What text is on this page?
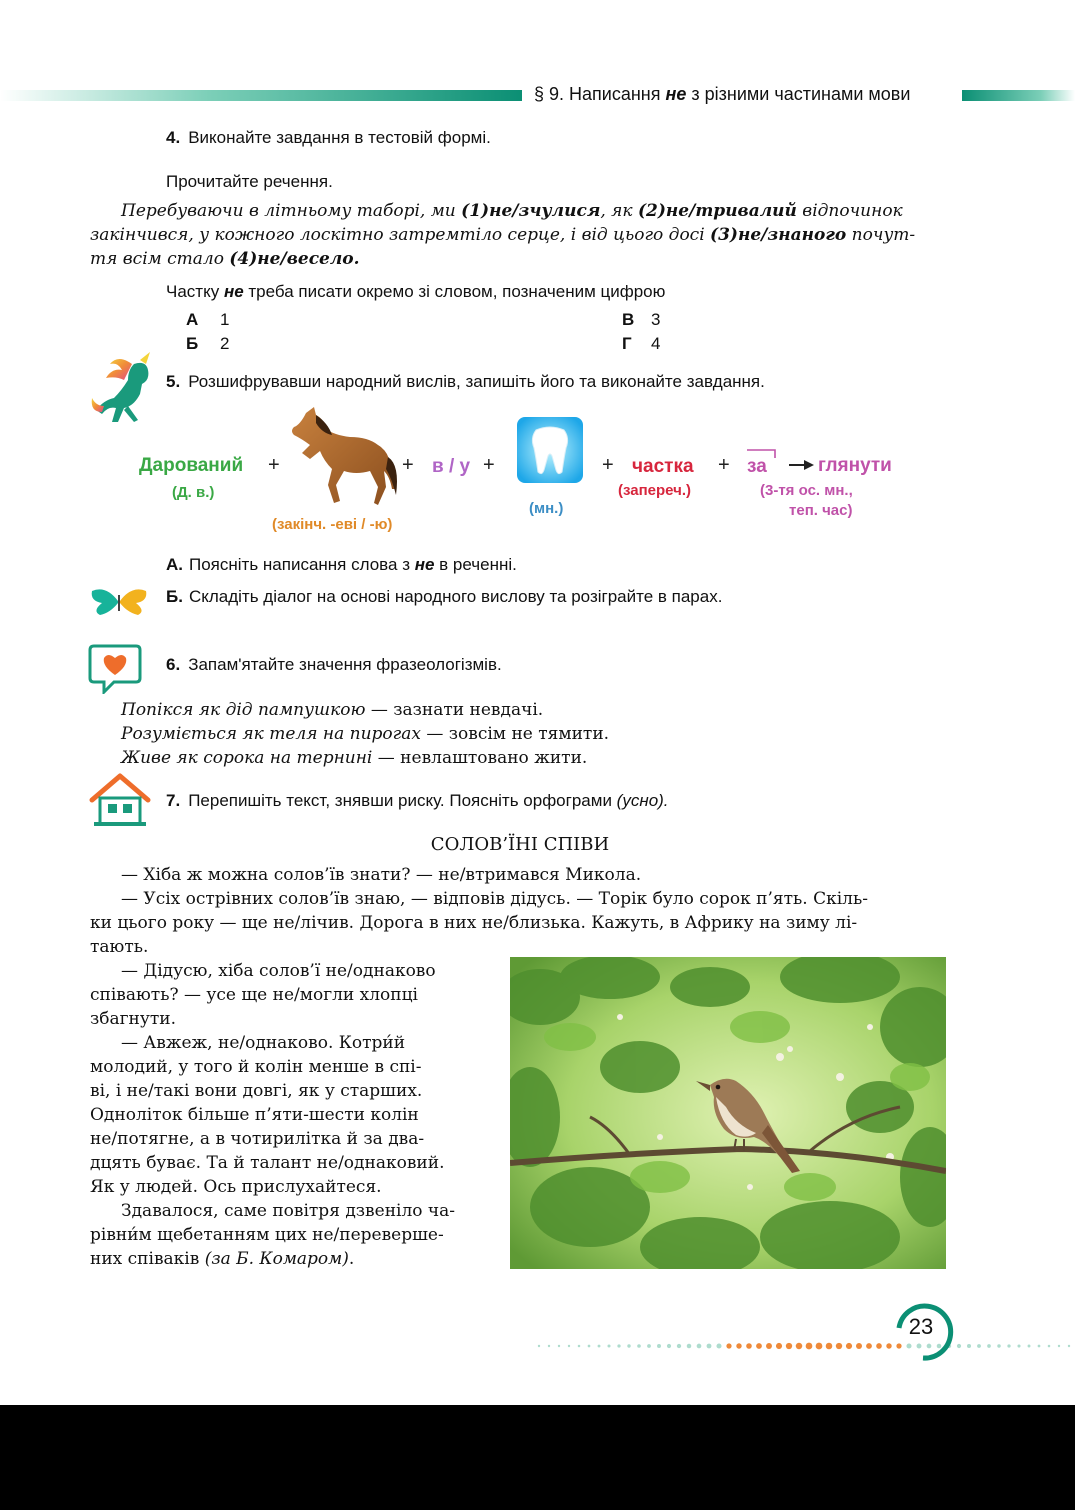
§ 9. Написання не з різними частинами мови
4. Виконайте завдання в тестовій формі.
Прочитайте речення.
Перебуваючи в літньому таборі, ми (1)не/зчулися, як (2)не/тривалий відпочинок
закінчився, у кожного лоскітно затремтіло серце, і від цього досі (3)не/знаного почут-
тя всім стало (4)не/весело.
Частку не треба писати окремо зі словом, позначеним цифрою
А 1
Б 2
В 3
Г 4
5. Розшифрувавши народний вислів, запишіть його та виконайте завдання.
Дарований
(Д. в.)
+
(закінч. -еві / -ю)
+ в / у +
(мн.)
+ частка
(запереч.)
+ за	глянути
(3-тя ос. мн.,
теп. час)
А. Поясніть написання слова з не в реченні.
Б. Складіть діалог на основі народного вислову та розіграйте в парах.
6. Запам'ятайте значення фразеологізмів.
Попікся як дід пампушкою — зазнати невдачі.
Розуміється як теля на пирогах — зовсім не тямити.
Живе як сорока на тернині — невлаштовано жити.
7. Перепишіть текст, знявши риску. Поясніть орфограми (усно).
СОЛОВ’ЇНІ СПІВИ
— Хіба ж можна солов’їв знати? — не/втримався Микола.
— Усіх острівних солов’їв знаю, — відповів дідусь. — Торік було сорок п’ять. Скіль-
ки цього року — ще не/лічив. Дорога в них не/близька. Кажуть, в Африку на зиму лі-
тають.
— Дідусю, хіба солов’ї не/однаково
співають? — усе ще не/могли хлопці
збагнути.
— Авжеж, не/однаково. Котри́й
молодий, у того й колін менше в спі-
ві, і не/такі вони довгі, як у старших.
Одноліток більше п’яти-шести колін
не/потягне, а в чотирилітка й за два-
дцять буває. Та й талант не/однаковий.
Як у людей. Ось прислухайтеся.
Здавалося, саме повітря дзвеніло ча-
рівни́м щебетанням цих не/переверше-
них співаків (за Б. Комаром).
23
